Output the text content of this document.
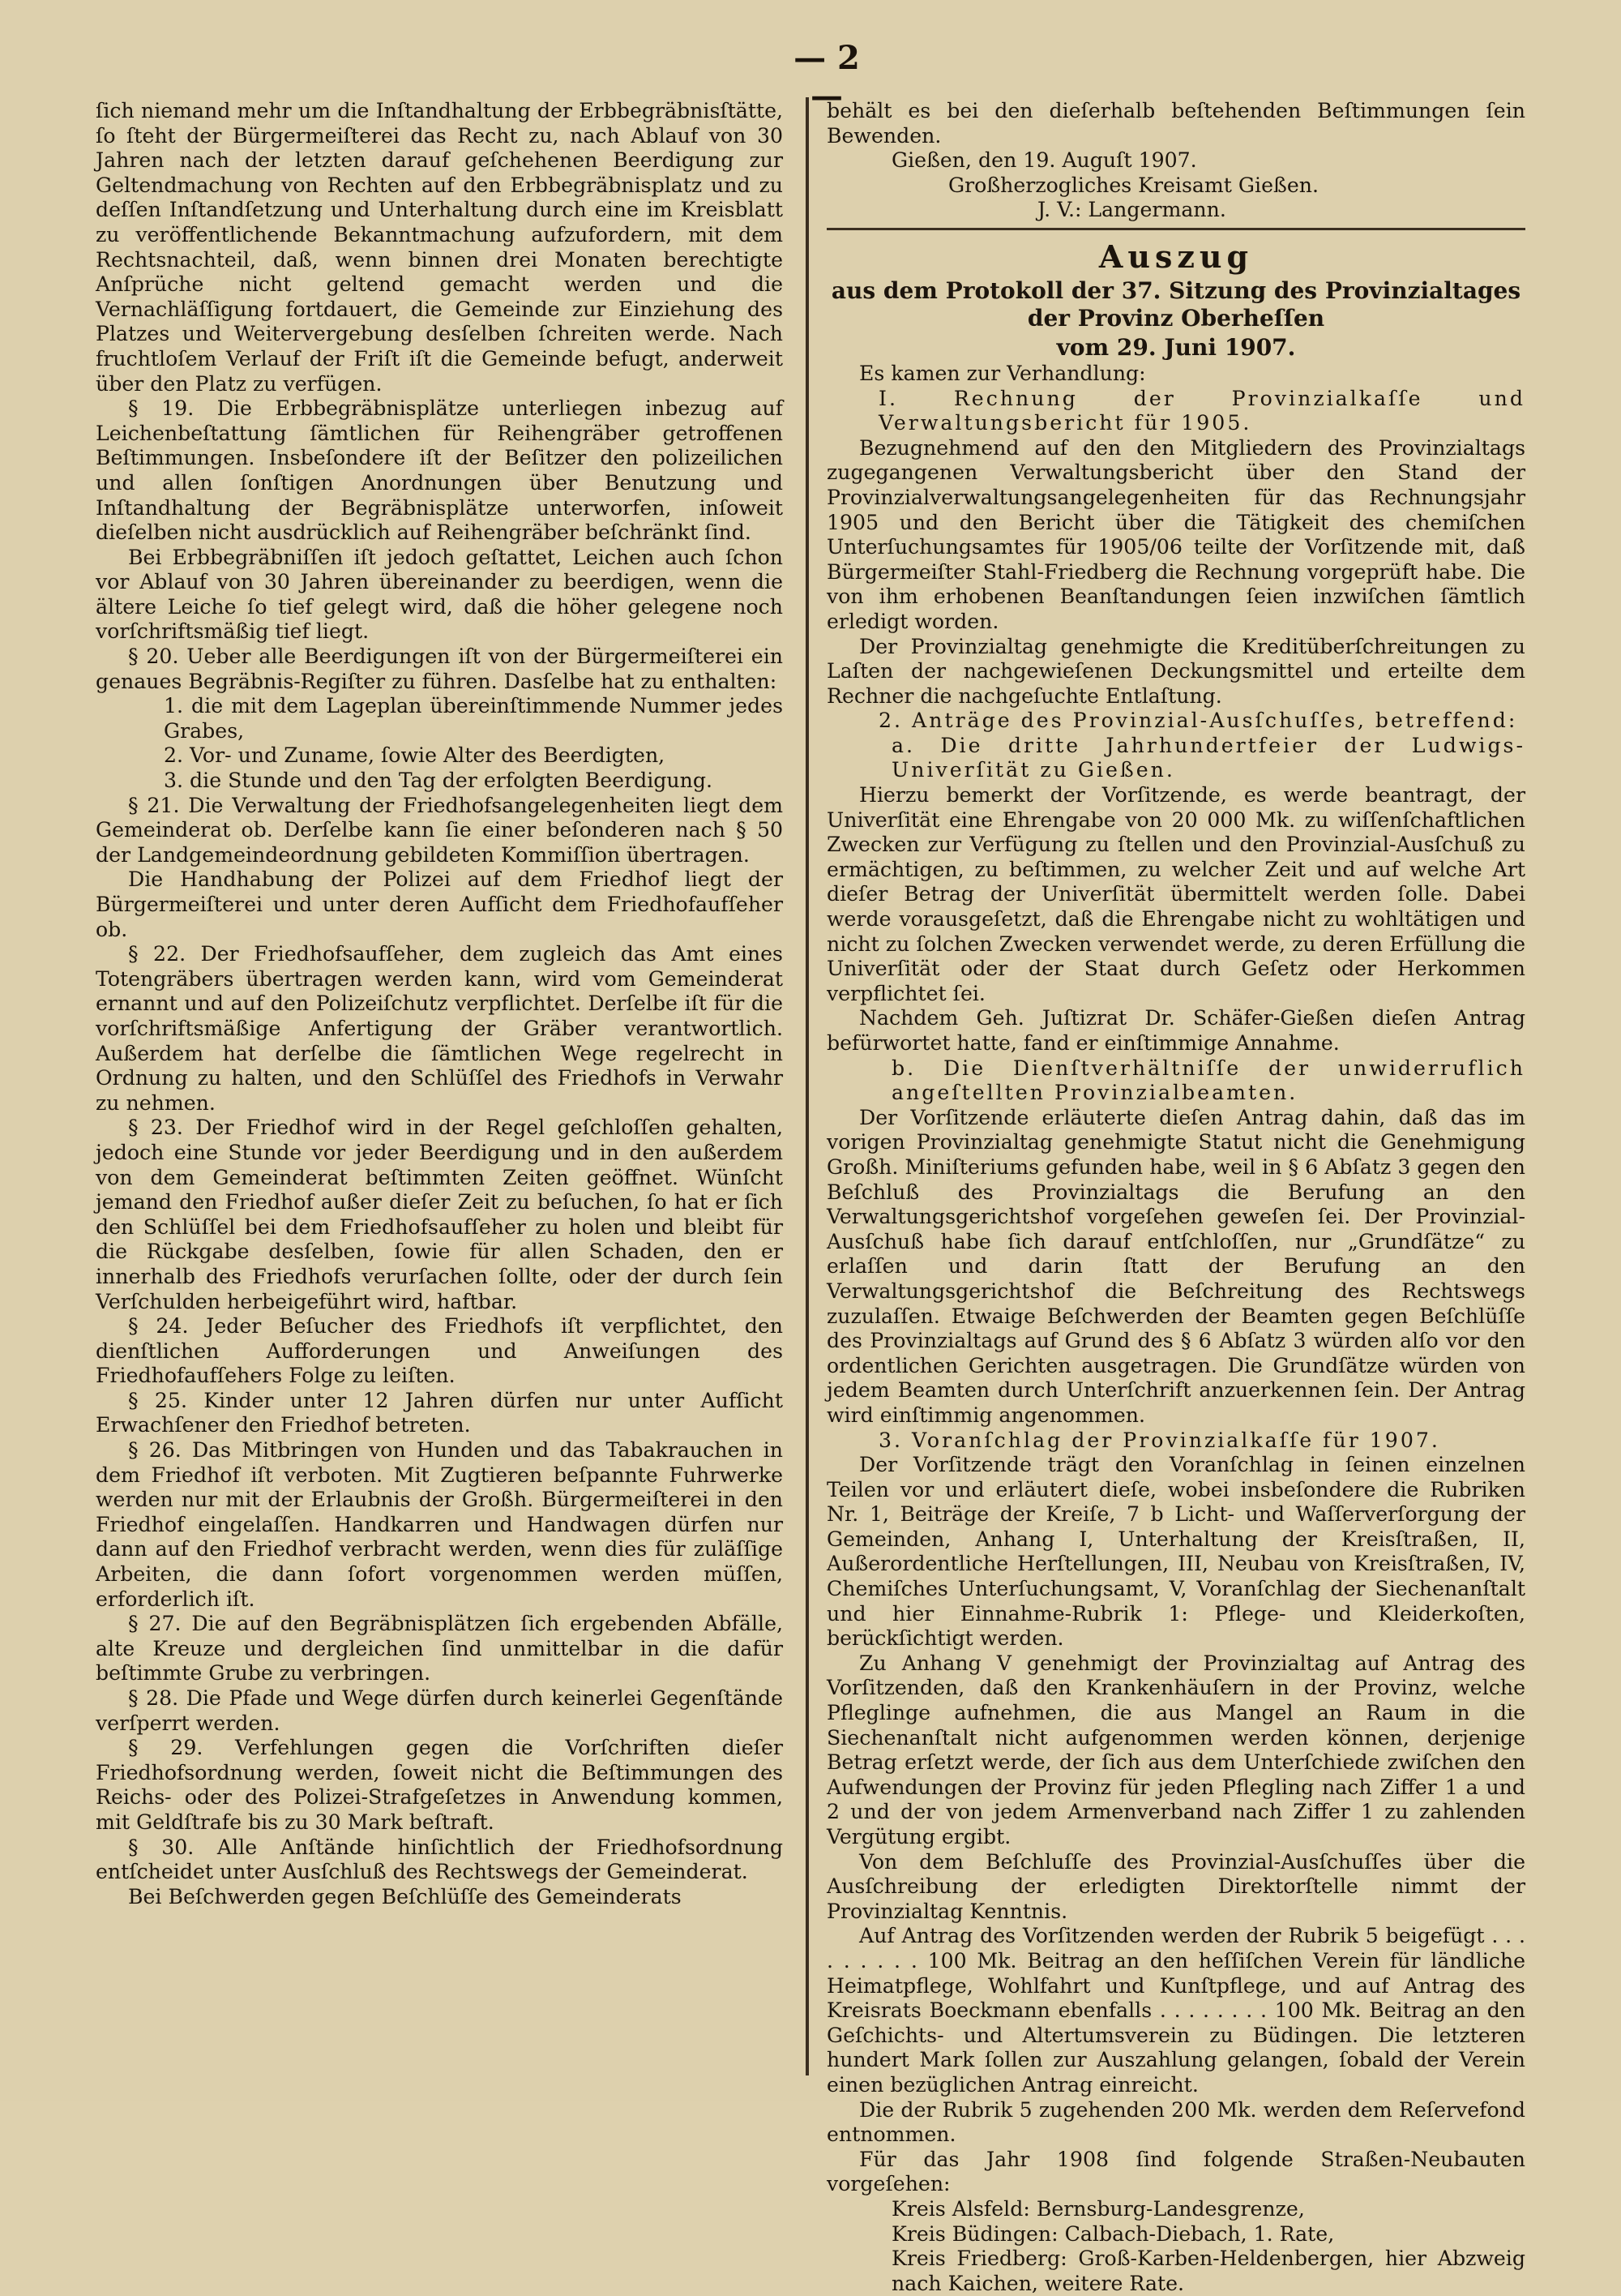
— 2 —

ſich niemand mehr um die Inſtandhaltung der Erbbegräbnisſtätte, ſo ſteht der Bürgermeiſterei das Recht zu, nach Ablauf von 30 Jahren nach der letzten darauf geſchehenen Beerdigung zur Geltendmachung von Rechten auf den Erbbegräbnisplatz und zu deſſen Inſtandſetzung und Unterhaltung durch eine im Kreisblatt zu veröffentlichende Bekanntmachung aufzufordern, mit dem Rechtsnachteil, daß, wenn binnen drei Monaten berechtigte Anſprüche nicht geltend gemacht werden und die Vernachläſſigung fortdauert, die Gemeinde zur Einziehung des Platzes und Weitervergebung desſelben ſchreiten werde. Nach fruchtloſem Verlauf der Friſt iſt die Gemeinde befugt, anderweit über den Platz zu verfügen.

§ 19. Die Erbbegräbnisplätze unterliegen inbezug auf Leichenbeſtattung ſämtlichen für Reihengräber getroffenen Beſtimmungen. Insbeſondere iſt der Beſitzer den polizeilichen und allen ſonſtigen Anordnungen über Benutzung und Inſtandhaltung der Begräbnisplätze unterworfen, inſoweit dieſelben nicht ausdrücklich auf Reihengräber beſchränkt ſind.

Bei Erbbegräbniſſen iſt jedoch geſtattet, Leichen auch ſchon vor Ablauf von 30 Jahren übereinander zu beerdigen, wenn die ältere Leiche ſo tief gelegt wird, daß die höher gelegene noch vorſchriftsmäßig tief liegt.

§ 20. Ueber alle Beerdigungen iſt von der Bürgermeiſterei ein genaues Begräbnis-Regiſter zu führen. Dasſelbe hat zu enthalten:

1. die mit dem Lageplan übereinſtimmende Nummer jedes Grabes,

2. Vor- und Zuname, ſowie Alter des Beerdigten,

3. die Stunde und den Tag der erfolgten Beerdigung.

§ 21. Die Verwaltung der Friedhofsangelegenheiten liegt dem Gemeinderat ob. Derſelbe kann ſie einer beſonderen nach § 50 der Landgemeindeordnung gebildeten Kommiſſion übertragen.

Die Handhabung der Polizei auf dem Friedhof liegt der Bürgermeiſterei und unter deren Aufſicht dem Friedhofaufſeher ob.

§ 22. Der Friedhofsaufſeher, dem zugleich das Amt eines Totengräbers übertragen werden kann, wird vom Gemeinderat ernannt und auf den Polizeiſchutz verpflichtet. Derſelbe iſt für die vorſchriftsmäßige Anfertigung der Gräber verantwortlich. Außerdem hat derſelbe die ſämtlichen Wege regelrecht in Ordnung zu halten, und den Schlüſſel des Friedhofs in Verwahr zu nehmen.

§ 23. Der Friedhof wird in der Regel geſchloſſen gehalten, jedoch eine Stunde vor jeder Beerdigung und in den außerdem von dem Gemeinderat beſtimmten Zeiten geöffnet. Wünſcht jemand den Friedhof außer dieſer Zeit zu beſuchen, ſo hat er ſich den Schlüſſel bei dem Friedhofsaufſeher zu holen und bleibt für die Rückgabe desſelben, ſowie für allen Schaden, den er innerhalb des Friedhofs verurſachen ſollte, oder der durch ſein Verſchulden herbeigeführt wird, haftbar.

§ 24. Jeder Beſucher des Friedhofs iſt verpflichtet, den dienſtlichen Aufforderungen und Anweiſungen des Friedhofaufſehers Folge zu leiſten.

§ 25. Kinder unter 12 Jahren dürfen nur unter Aufſicht Erwachſener den Friedhof betreten.

§ 26. Das Mitbringen von Hunden und das Tabakrauchen in dem Friedhof iſt verboten. Mit Zugtieren beſpannte Fuhrwerke werden nur mit der Erlaubnis der Großh. Bürgermeiſterei in den Friedhof eingelaſſen. Handkarren und Handwagen dürfen nur dann auf den Friedhof verbracht werden, wenn dies für zuläſſige Arbeiten, die dann ſofort vorgenommen werden müſſen, erforderlich iſt.

§ 27. Die auf den Begräbnisplätzen ſich ergebenden Abfälle, alte Kreuze und dergleichen ſind unmittelbar in die dafür beſtimmte Grube zu verbringen.

§ 28. Die Pfade und Wege dürfen durch keinerlei Gegenſtände verſperrt werden.

§ 29. Verfehlungen gegen die Vorſchriften dieſer Friedhofsordnung werden, ſoweit nicht die Beſtimmungen des Reichs- oder des Polizei-Strafgeſetzes in Anwendung kommen, mit Geldſtrafe bis zu 30 Mark beſtraft.

§ 30. Alle Anſtände hinſichtlich der Friedhofsordnung entſcheidet unter Ausſchluß des Rechtswegs der Gemeinderat.

Bei Beſchwerden gegen Beſchlüſſe des Gemeinderats

behält es bei den dieſerhalb beſtehenden Beſtimmungen ſein Bewenden.

Gießen, den 19. Auguſt 1907.

Großherzogliches Kreisamt Gießen.

J. V.: Langermann.

Auszug
aus dem Protokoll der 37. Sitzung des Provinzialtages der Provinz Oberheſſen
vom 29. Juni 1907.

Es kamen zur Verhandlung:

I. Rechnung der Provinzialkaſſe und Verwaltungsbericht für 1905.

Bezugnehmend auf den den Mitgliedern des Provinzialtags zugegangenen Verwaltungsbericht über den Stand der Provinzialverwaltungsangelegenheiten für das Rechnungsjahr 1905 und den Bericht über die Tätigkeit des chemiſchen Unterſuchungsamtes für 1905/06 teilte der Vorſitzende mit, daß Bürgermeiſter Stahl-Friedberg die Rechnung vorgeprüft habe. Die von ihm erhobenen Beanſtandungen ſeien inzwiſchen ſämtlich erledigt worden.

Der Provinzialtag genehmigte die Kreditüberſchreitungen zu Laſten der nachgewieſenen Deckungsmittel und erteilte dem Rechner die nachgeſuchte Entlaſtung.

2. Anträge des Provinzial-Ausſchuſſes, betreffend:

a. Die dritte Jahrhundertfeier der Ludwigs-Univerſität zu Gießen.

Hierzu bemerkt der Vorſitzende, es werde beantragt, der Univerſität eine Ehrengabe von 20 000 Mk. zu wiſſenſchaftlichen Zwecken zur Verfügung zu ſtellen und den Provinzial-Ausſchuß zu ermächtigen, zu beſtimmen, zu welcher Zeit und auf welche Art dieſer Betrag der Univerſität übermittelt werden ſolle. Dabei werde vorausgeſetzt, daß die Ehrengabe nicht zu wohltätigen und nicht zu ſolchen Zwecken verwendet werde, zu deren Erfüllung die Univerſität oder der Staat durch Geſetz oder Herkommen verpflichtet ſei.

Nachdem Geh. Juſtizrat Dr. Schäfer-Gießen dieſen Antrag befürwortet hatte, fand er einſtimmige Annahme.

b. Die Dienſtverhältniſſe der unwiderruflich angeſtellten Provinzialbeamten.

Der Vorſitzende erläuterte dieſen Antrag dahin, daß das im vorigen Provinzialtag genehmigte Statut nicht die Genehmigung Großh. Miniſteriums gefunden habe, weil in § 6 Abſatz 3 gegen den Beſchluß des Provinzialtags die Berufung an den Verwaltungsgerichtshof vorgeſehen geweſen ſei. Der Provinzial-Ausſchuß habe ſich darauf entſchloſſen, nur „Grundſätze“ zu erlaſſen und darin ſtatt der Berufung an den Verwaltungsgerichtshof die Beſchreitung des Rechtswegs zuzulaſſen. Etwaige Beſchwerden der Beamten gegen Beſchlüſſe des Provinzialtags auf Grund des § 6 Abſatz 3 würden alſo vor den ordentlichen Gerichten ausgetragen. Die Grundſätze würden von jedem Beamten durch Unterſchrift anzuerkennen ſein. Der Antrag wird einſtimmig angenommen.

3. Voranſchlag der Provinzialkaſſe für 1907.

Der Vorſitzende trägt den Voranſchlag in ſeinen einzelnen Teilen vor und erläutert dieſe, wobei insbeſondere die Rubriken Nr. 1, Beiträge der Kreiſe, 7 b Licht- und Waſſerverſorgung der Gemeinden, Anhang I, Unterhaltung der Kreisſtraßen, II, Außerordentliche Herſtellungen, III, Neubau von Kreisſtraßen, IV, Chemiſches Unterſuchungsamt, V, Voranſchlag der Siechenanſtalt und hier Einnahme-Rubrik 1: Pflege- und Kleiderkoſten, berückſichtigt werden.

Zu Anhang V genehmigt der Provinzialtag auf Antrag des Vorſitzenden, daß den Krankenhäuſern in der Provinz, welche Pfleglinge aufnehmen, die aus Mangel an Raum in die Siechenanſtalt nicht aufgenommen werden können, derjenige Betrag erſetzt werde, der ſich aus dem Unterſchiede zwiſchen den Aufwendungen der Provinz für jeden Pflegling nach Ziffer 1 a und 2 und der von jedem Armenverband nach Ziffer 1 zu zahlenden Vergütung ergibt.

Von dem Beſchluſſe des Provinzial-Ausſchuſſes über die Ausſchreibung der erledigten Direktorſtelle nimmt der Provinzialtag Kenntnis.

Auf Antrag des Vorſitzenden werden der Rubrik 5 beigefügt . . . . . . . . . 100 Mk. Beitrag an den heſſiſchen Verein für ländliche Heimatpflege, Wohlfahrt und Kunſtpflege, und auf Antrag des Kreisrats Boeckmann ebenfalls . . . . . . . . 100 Mk. Beitrag an den Geſchichts- und Altertumsverein zu Büdingen. Die letzteren hundert Mark ſollen zur Auszahlung gelangen, ſobald der Verein einen bezüglichen Antrag einreicht.

Die der Rubrik 5 zugehenden 200 Mk. werden dem Reſervefond entnommen.

Für das Jahr 1908 ſind folgende Straßen-Neubauten vorgeſehen:

Kreis Alsfeld: Bernsburg-Landesgrenze,

Kreis Büdingen: Calbach-Diebach, 1. Rate,

Kreis Friedberg: Groß-Karben-Heldenbergen, hier Abzweig nach Kaichen, weitere Rate.
